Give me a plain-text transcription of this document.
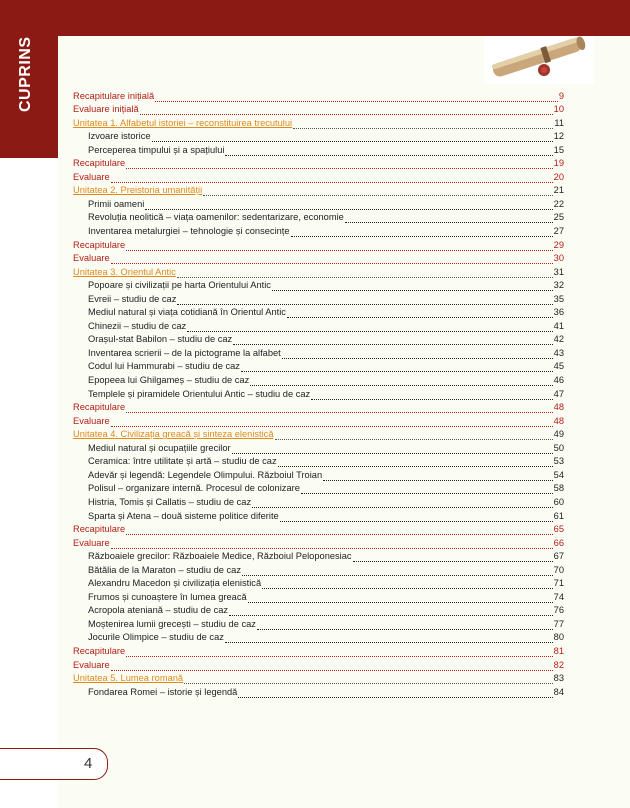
CUPRINS	Recapitulare inițială	9
Evaluare inițială	10
Unitatea 1. Alfabetul istoriei – reconstituirea trecutului	11
Izvoare istorice	12
Perceperea timpului și a spațiului	15
Recapitulare	19
Evaluare	20
Unitatea 2. Preistoria umanității	21
Primii oameni	22
Revoluția neolitică – viața oamenilor: sedentarizare, economie	25
Inventarea metalurgiei – tehnologie și consecințe	27
Recapitulare	29
Evaluare	30
Unitatea 3. Orientul Antic	31
Popoare și civilizații pe harta Orientului Antic	32
Evreii – studiu de caz	35
Mediul natural și viața cotidiană în Orientul Antic	36
Chinezii – studiu de caz	41
Orașul-stat Babilon – studiu de caz	42
Inventarea scrierii – de la pictograme la alfabet	43
Codul lui Hammurabi – studiu de caz	45
Epopeea lui Ghilgameș – studiu de caz	46
Templele și piramidele Orientului Antic – studiu de caz	47
Recapitulare	48
Evaluare	48
Unitatea 4. Civilizația greacă și sinteza elenistică	49
Mediul natural și ocupațiile grecilor	50
Ceramica: între utilitate și artă – studiu de caz	53
Adevăr și legendă: Legendele Olimpului. Războiul Troian	54
Polisul – organizare internă. Procesul de colonizare	58
Histria, Tomis și Callatis – studiu de caz	60
Sparta și Atena – două sisteme politice diferite	61
Recapitulare	65
Evaluare	66
Războaiele grecilor: Războaiele Medice, Războiul Peloponesiac	67
Bătălia de la Maraton – studiu de caz	70
Alexandru Macedon și civilizația elenistică	71
Frumos și cunoaștere în lumea greacă	74
Acropola ateniană – studiu de caz	76
Moștenirea lumii grecești – studiu de caz	77
Jocurile Olimpice – studiu de caz	80
Recapitulare	81
Evaluare	82
Unitatea 5. Lumea romană	83
Fondarea Romei – istorie și legendă	84
4
